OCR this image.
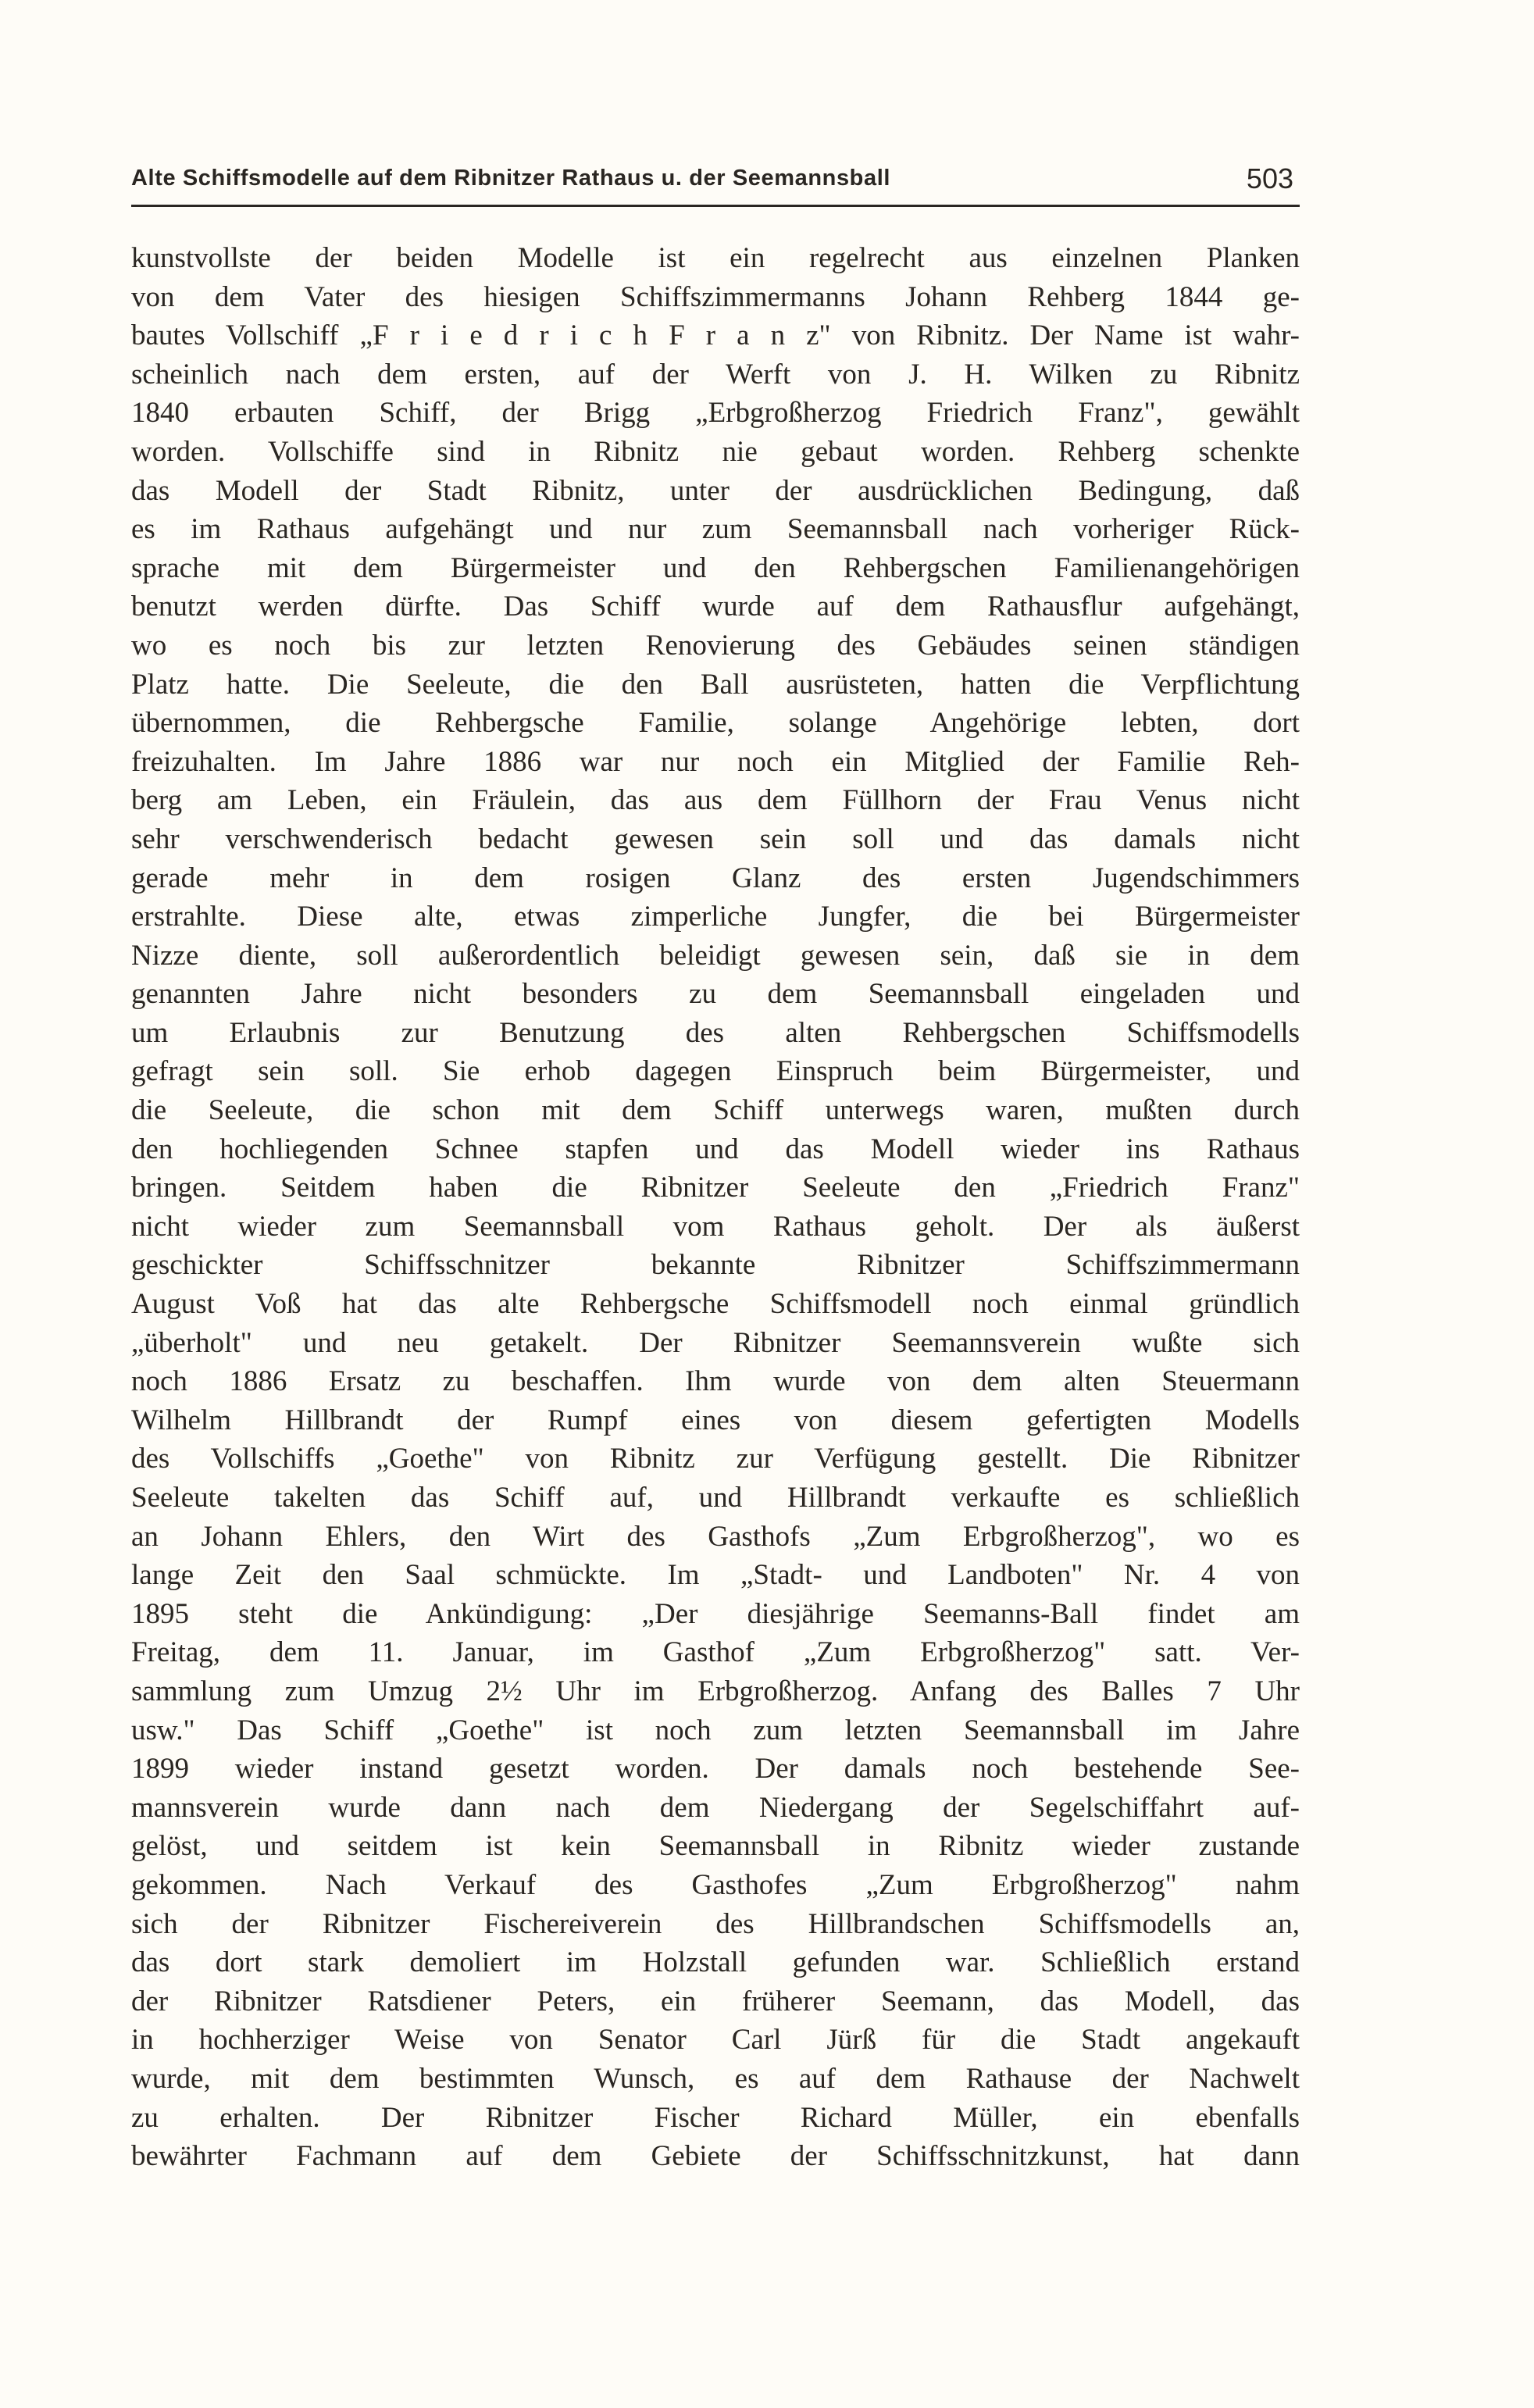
Alte Schiffsmodelle auf dem Ribnitzer Rathaus u. der Seemannsball	503
kunstvollste der beiden Modelle ist ein regelrecht aus einzelnen Planken
von dem Vater des hiesigen Schiffszimmermanns Johann Rehberg 1844 ge-
bautes Vollschiff „F r i e d r i c h F r a n z" von Ribnitz. Der Name ist wahr-
scheinlich nach dem ersten, auf der Werft von J. H. Wilken zu Ribnitz
1840 erbauten Schiff, der Brigg „Erbgroßherzog Friedrich Franz", gewählt
worden. Vollschiffe sind in Ribnitz nie gebaut worden. Rehberg schenkte
das Modell der Stadt Ribnitz, unter der ausdrücklichen Bedingung, daß
es im Rathaus aufgehängt und nur zum Seemannsball nach vorheriger Rück-
sprache mit dem Bürgermeister und den Rehbergschen Familienangehörigen
benutzt werden dürfte. Das Schiff wurde auf dem Rathausflur aufgehängt,
wo es noch bis zur letzten Renovierung des Gebäudes seinen ständigen
Platz hatte. Die Seeleute, die den Ball ausrüsteten, hatten die Verpflichtung
übernommen, die Rehbergsche Familie, solange Angehörige lebten, dort
freizuhalten. Im Jahre 1886 war nur noch ein Mitglied der Familie Reh-
berg am Leben, ein Fräulein, das aus dem Füllhorn der Frau Venus nicht
sehr verschwenderisch bedacht gewesen sein soll und das damals nicht
gerade mehr in dem rosigen Glanz des ersten Jugendschimmers
erstrahlte. Diese alte, etwas zimperliche Jungfer, die bei Bürgermeister
Nizze diente, soll außerordentlich beleidigt gewesen sein, daß sie in dem
genannten Jahre nicht besonders zu dem Seemannsball eingeladen und
um Erlaubnis zur Benutzung des alten Rehbergschen Schiffsmodells
gefragt sein soll. Sie erhob dagegen Einspruch beim Bürgermeister, und
die Seeleute, die schon mit dem Schiff unterwegs waren, mußten durch
den hochliegenden Schnee stapfen und das Modell wieder ins Rathaus
bringen. Seitdem haben die Ribnitzer Seeleute den „Friedrich Franz"
nicht wieder zum Seemannsball vom Rathaus geholt. Der als äußerst
geschickter Schiffsschnitzer bekannte Ribnitzer Schiffszimmermann
August Voß hat das alte Rehbergsche Schiffsmodell noch einmal gründlich
„überholt" und neu getakelt. Der Ribnitzer Seemannsverein wußte sich
noch 1886 Ersatz zu beschaffen. Ihm wurde von dem alten Steuermann
Wilhelm Hillbrandt der Rumpf eines von diesem gefertigten Modells
des Vollschiffs „Goethe" von Ribnitz zur Verfügung gestellt. Die Ribnitzer
Seeleute takelten das Schiff auf, und Hillbrandt verkaufte es schließlich
an Johann Ehlers, den Wirt des Gasthofs „Zum Erbgroßherzog", wo es
lange Zeit den Saal schmückte. Im „Stadt- und Landboten" Nr. 4 von
1895 steht die Ankündigung: „Der diesjährige Seemanns-Ball findet am
Freitag, dem 11. Januar, im Gasthof „Zum Erbgroßherzog" satt. Ver-
sammlung zum Umzug 2½ Uhr im Erbgroßherzog. Anfang des Balles 7 Uhr
usw." Das Schiff „Goethe" ist noch zum letzten Seemannsball im Jahre
1899 wieder instand gesetzt worden. Der damals noch bestehende See-
mannsverein wurde dann nach dem Niedergang der Segelschiffahrt auf-
gelöst, und seitdem ist kein Seemannsball in Ribnitz wieder zustande
gekommen. Nach Verkauf des Gasthofes „Zum Erbgroßherzog" nahm
sich der Ribnitzer Fischereiverein des Hillbrandschen Schiffsmodells an,
das dort stark demoliert im Holzstall gefunden war. Schließlich erstand
der Ribnitzer Ratsdiener Peters, ein früherer Seemann, das Modell, das
in hochherziger Weise von Senator Carl Jürß für die Stadt angekauft
wurde, mit dem bestimmten Wunsch, es auf dem Rathause der Nachwelt
zu erhalten. Der Ribnitzer Fischer Richard Müller, ein ebenfalls
bewährter Fachmann auf dem Gebiete der Schiffsschnitzkunst, hat dann
